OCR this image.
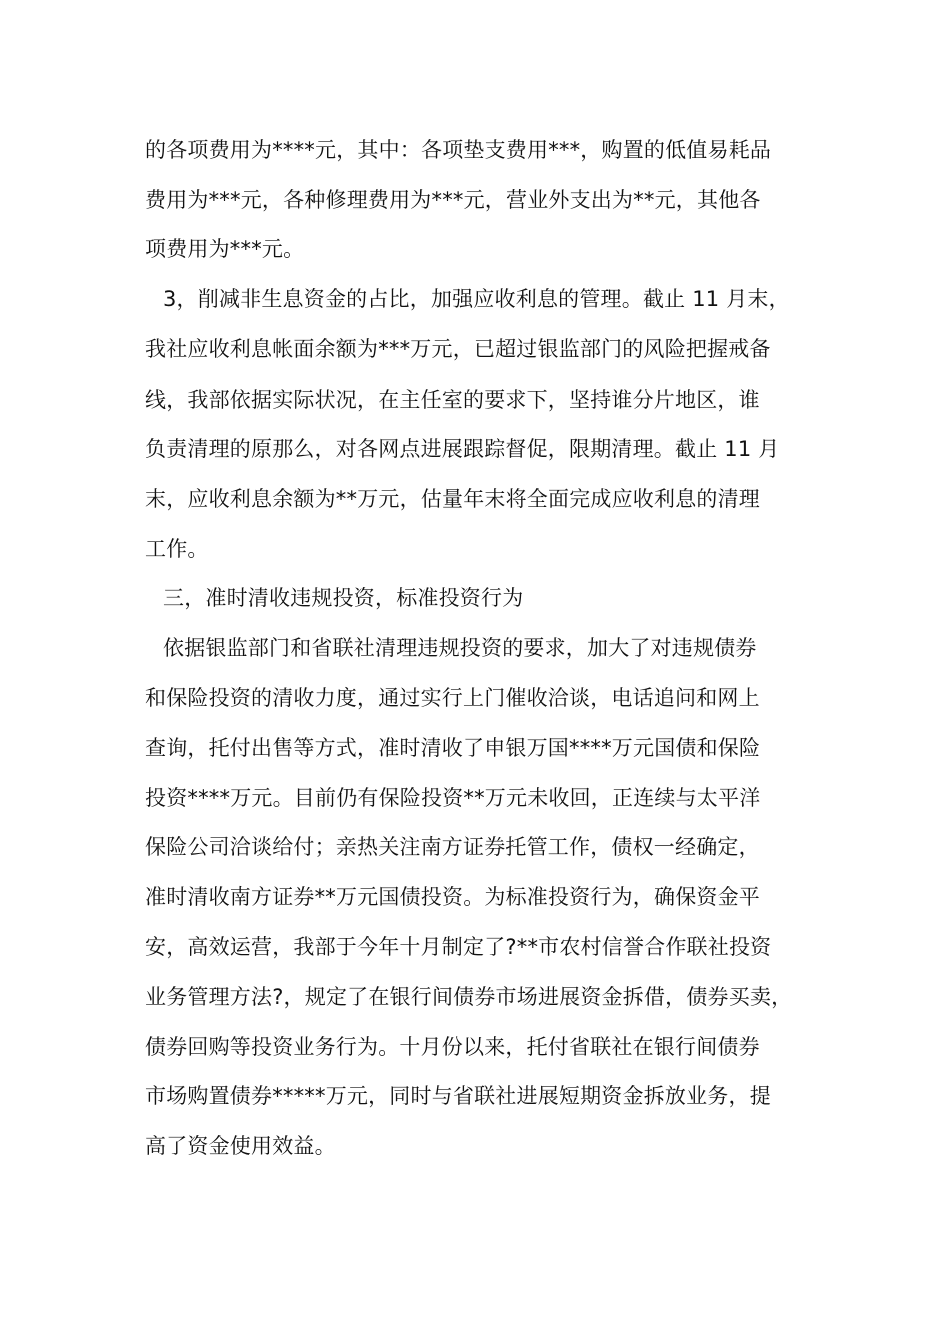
的各项费用为****元，其中：各项垫支费用***，购置的低值易耗品
费用为***元，各种修理费用为***元，营业外支出为**元，其他各
项费用为***元。
3，削减非生息资金的占比，加强应收利息的管理。截止 11 月末，
我社应收利息帐面余额为***万元，已超过银监部门的风险把握戒备
线，我部依据实际状况，在主任室的要求下，坚持谁分片地区，谁
负责清理的原那么，对各网点进展跟踪督促，限期清理。截止 11 月
末，应收利息余额为**万元，估量年末将全面完成应收利息的清理
工作。
三，准时清收违规投资，标准投资行为
依据银监部门和省联社清理违规投资的要求，加大了对违规债券
和保险投资的清收力度，通过实行上门催收洽谈，电话追问和网上
查询，托付出售等方式，准时清收了申银万国****万元国债和保险
投资****万元。目前仍有保险投资**万元未收回，正连续与太平洋
保险公司洽谈给付；亲热关注南方证券托管工作，债权一经确定，
准时清收南方证券**万元国债投资。为标准投资行为，确保资金平
安，高效运营，我部于今年十月制定了?**市农村信誉合作联社投资
业务管理方法?，规定了在银行间债券市场进展资金拆借，债券买卖，
债券回购等投资业务行为。十月份以来，托付省联社在银行间债券
市场购置债券*****万元，同时与省联社进展短期资金拆放业务，提
高了资金使用效益。
